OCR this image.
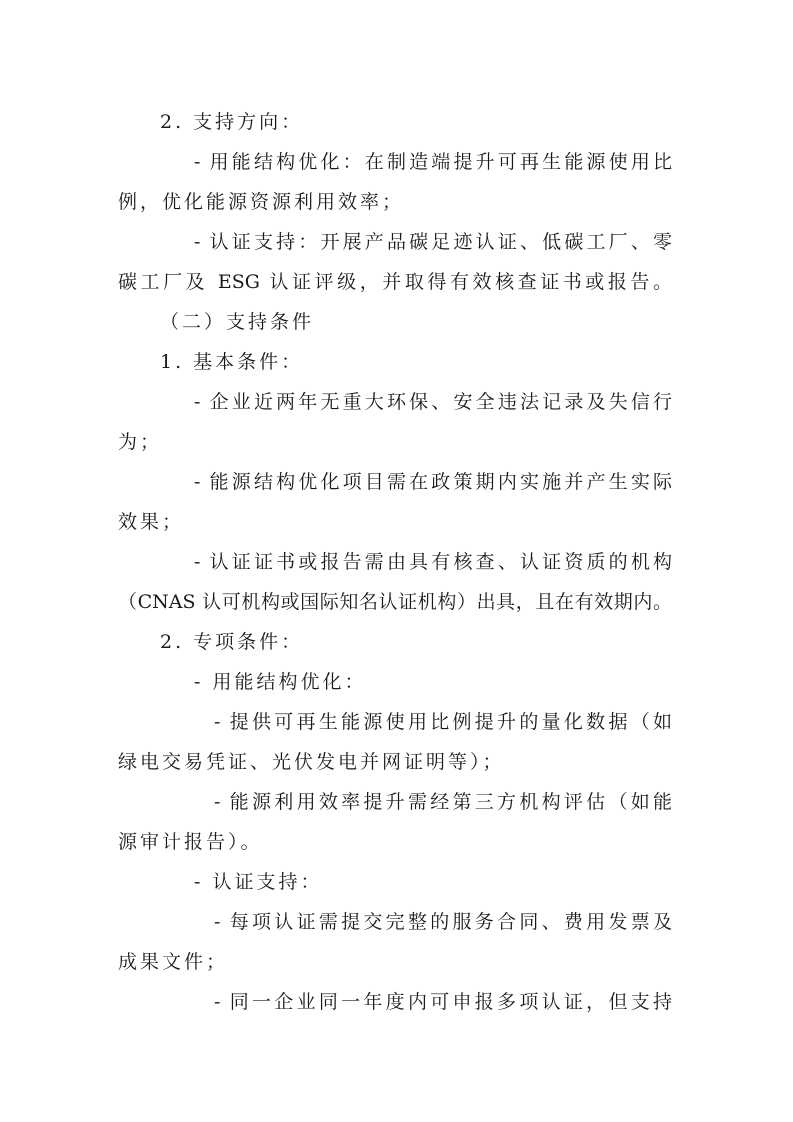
2. 支持方向：
- 用能结构优化：在制造端提升可再生能源使用比
例，优化能源资源利用效率；
- 认证支持：开展产品碳足迹认证、低碳工厂、零
碳工厂及 ESG 认证评级，并取得有效核查证书或报告。
（二）支持条件
1. 基本条件：
- 企业近两年无重大环保、安全违法记录及失信行
为；
- 能源结构优化项目需在政策期内实施并产生实际
效果；
- 认证证书或报告需由具有核查、认证资质的机构
（CNAS 认可机构或国际知名认证机构）出具，且在有效期内。
2. 专项条件：
- 用能结构优化：
- 提供可再生能源使用比例提升的量化数据（如
绿电交易凭证、光伏发电并网证明等）；
- 能源利用效率提升需经第三方机构评估（如能
源审计报告）。
- 认证支持：
- 每项认证需提交完整的服务合同、费用发票及
成果文件；
- 同一企业同一年度内可申报多项认证，但支持
